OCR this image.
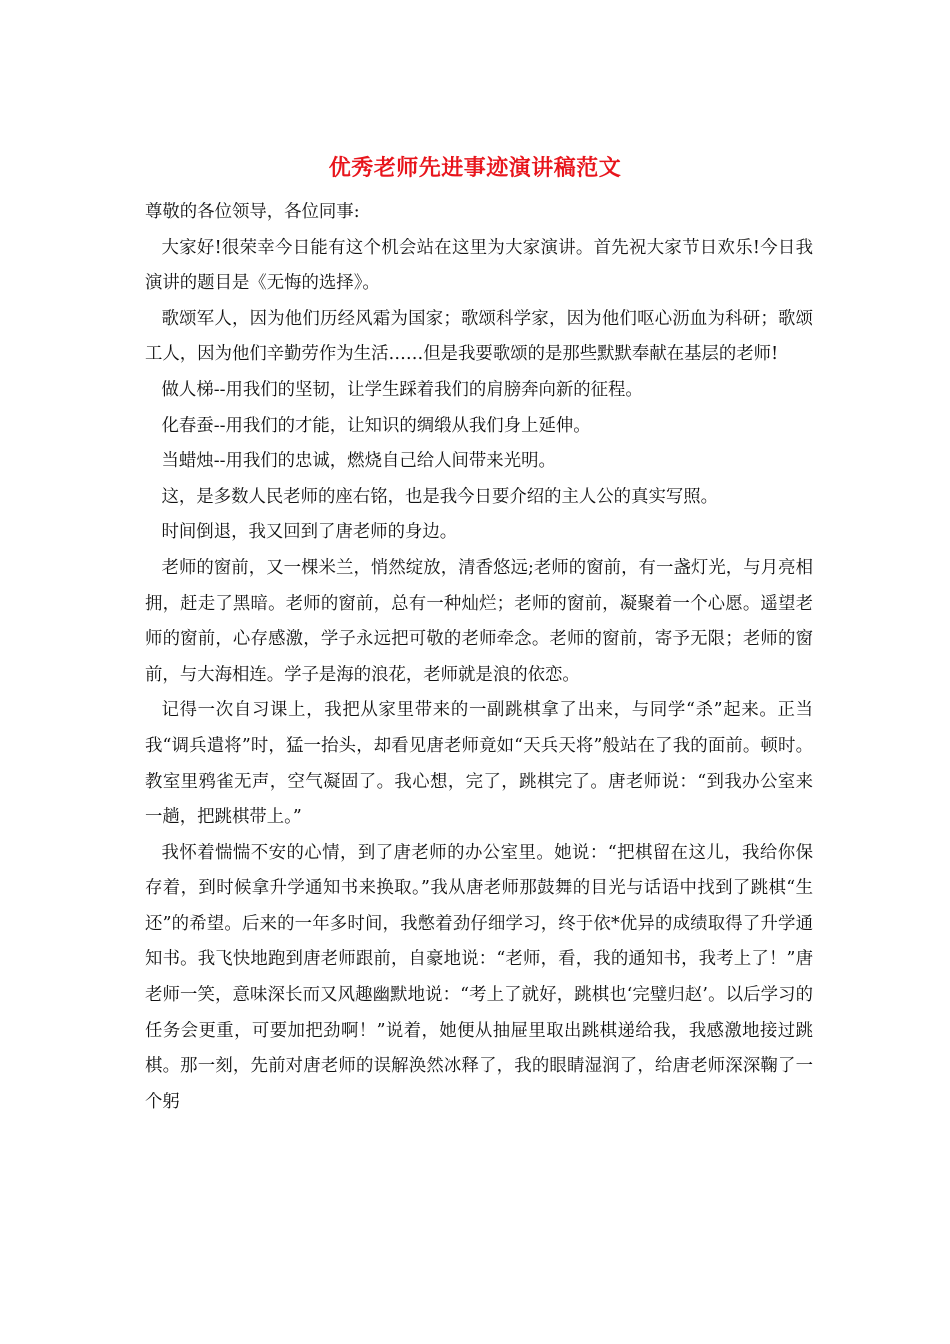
优秀老师先进事迹演讲稿范文

尊敬的各位领导，各位同事:

大家好!很荣幸今日能有这个机会站在这里为大家演讲。首先祝大家节日欢乐!今日我演讲的题目是《无悔的选择》。

歌颂军人，因为他们历经风霜为国家；歌颂科学家，因为他们呕心沥血为科研；歌颂工人，因为他们辛勤劳作为生活……但是我要歌颂的是那些默默奉献在基层的老师!

做人梯--用我们的坚韧，让学生踩着我们的肩膀奔向新的征程。

化春蚕--用我们的才能，让知识的绸缎从我们身上延伸。

当蜡烛--用我们的忠诚，燃烧自己给人间带来光明。

这，是多数人民老师的座右铭，也是我今日要介绍的主人公的真实写照。

时间倒退，我又回到了唐老师的身边。

老师的窗前，又一棵米兰，悄然绽放，清香悠远;老师的窗前，有一盏灯光，与月亮相拥，赶走了黑暗。老师的窗前，总有一种灿烂；老师的窗前，凝聚着一个心愿。遥望老师的窗前，心存感激，学子永远把可敬的老师牵念。老师的窗前，寄予无限；老师的窗前，与大海相连。学子是海的浪花，老师就是浪的依恋。

记得一次自习课上，我把从家里带来的一副跳棋拿了出来，与同学“杀”起来。正当我“调兵遣将”时，猛一抬头，却看见唐老师竟如“天兵天将”般站在了我的面前。顿时。教室里鸦雀无声，空气凝固了。我心想，完了，跳棋完了。唐老师说：“到我办公室来一趟，把跳棋带上。”

我怀着惴惴不安的心情，到了唐老师的办公室里。她说：“把棋留在这儿，我给你保存着，到时候拿升学通知书来换取。”我从唐老师那鼓舞的目光与话语中找到了跳棋“生还”的希望。后来的一年多时间，我憋着劲仔细学习，终于依*优异的成绩取得了升学通知书。我飞快地跑到唐老师跟前，自豪地说：“老师，看，我的通知书，我考上了！”唐老师一笑，意味深长而又风趣幽默地说：“考上了就好，跳棋也‘完璧归赵’。以后学习的任务会更重，可要加把劲啊！”说着，她便从抽屉里取出跳棋递给我，我感激地接过跳棋。那一刻，先前对唐老师的误解涣然冰释了，我的眼睛湿润了，给唐老师深深鞠了一个躬
